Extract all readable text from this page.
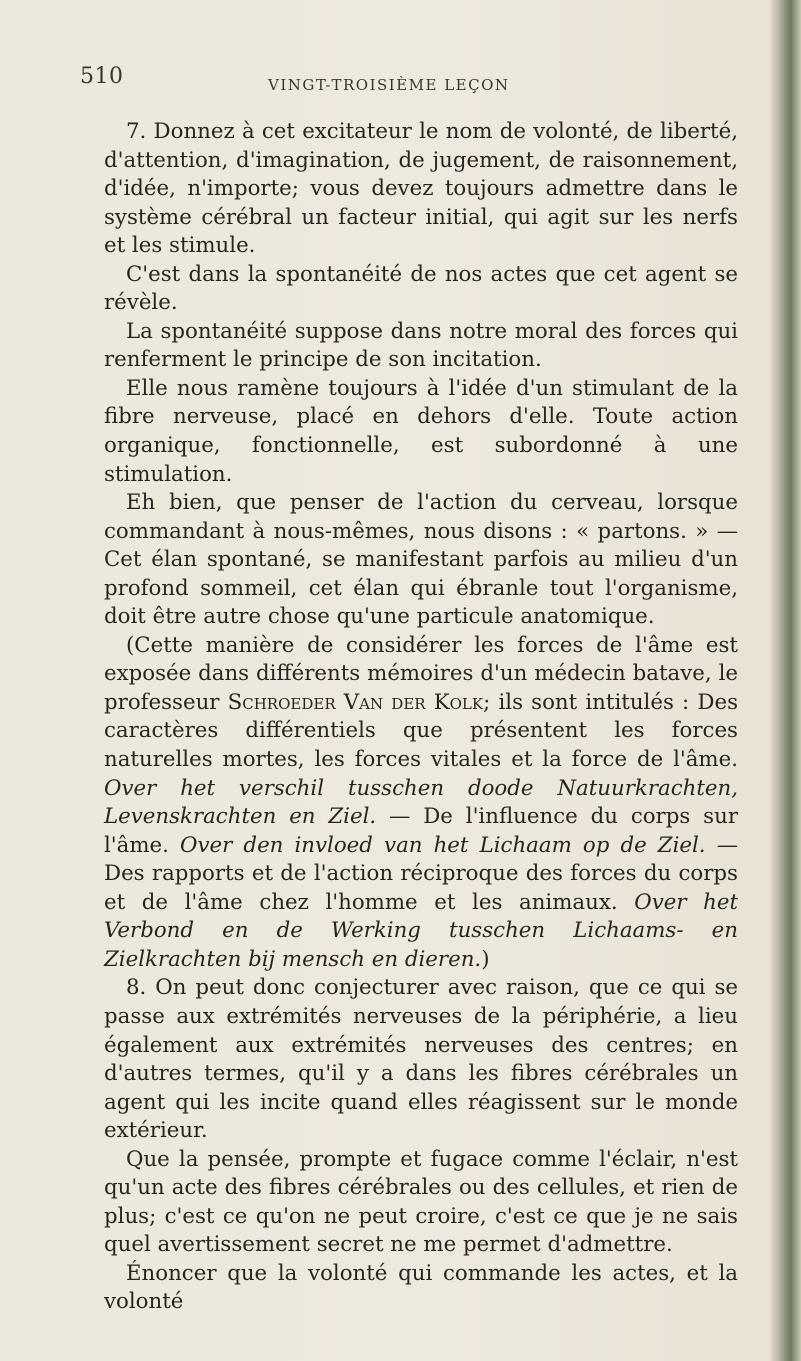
510	VINGT-TROISIÈME LEÇON

7. Donnez à cet excitateur le nom de volonté, de liberté, d'attention, d'imagination, de jugement, de raisonnement, d'idée, n'importe; vous devez toujours admettre dans le système cérébral un facteur initial, qui agit sur les nerfs et les stimule.

C'est dans la spontanéité de nos actes que cet agent se révèle.

La spontanéité suppose dans notre moral des forces qui renferment le principe de son incitation.

Elle nous ramène toujours à l'idée d'un stimulant de la fibre nerveuse, placé en dehors d'elle. Toute action organique, fonctionnelle, est subordonné à une stimulation.

Eh bien, que penser de l'action du cerveau, lorsque commandant à nous-mêmes, nous disons : « partons. » — Cet élan spontané, se manifestant parfois au milieu d'un profond sommeil, cet élan qui ébranle tout l'organisme, doit être autre chose qu'une particule anatomique.

(Cette manière de considérer les forces de l'âme est exposée dans différents mémoires d'un médecin batave, le professeur Schroeder Van der Kolk; ils sont intitulés : Des caractères différentiels que présentent les forces naturelles mortes, les forces vitales et la force de l'âme. Over het verschil tusschen doode Natuurkrachten, Levenskrachten en Ziel. — De l'influence du corps sur l'âme. Over den invloed van het Lichaam op de Ziel. — Des rapports et de l'action réciproque des forces du corps et de l'âme chez l'homme et les animaux. Over het Verbond en de Werking tusschen Lichaams- en Zielkrachten bij mensch en dieren.)

8. On peut donc conjecturer avec raison, que ce qui se passe aux extrémités nerveuses de la périphérie, a lieu également aux extrémités nerveuses des centres; en d'autres termes, qu'il y a dans les fibres cérébrales un agent qui les incite quand elles réagissent sur le monde extérieur.

Que la pensée, prompte et fugace comme l'éclair, n'est qu'un acte des fibres cérébrales ou des cellules, et rien de plus; c'est ce qu'on ne peut croire, c'est ce que je ne sais quel avertissement secret ne me permet d'admettre.

Énoncer que la volonté qui commande les actes, et la volonté
